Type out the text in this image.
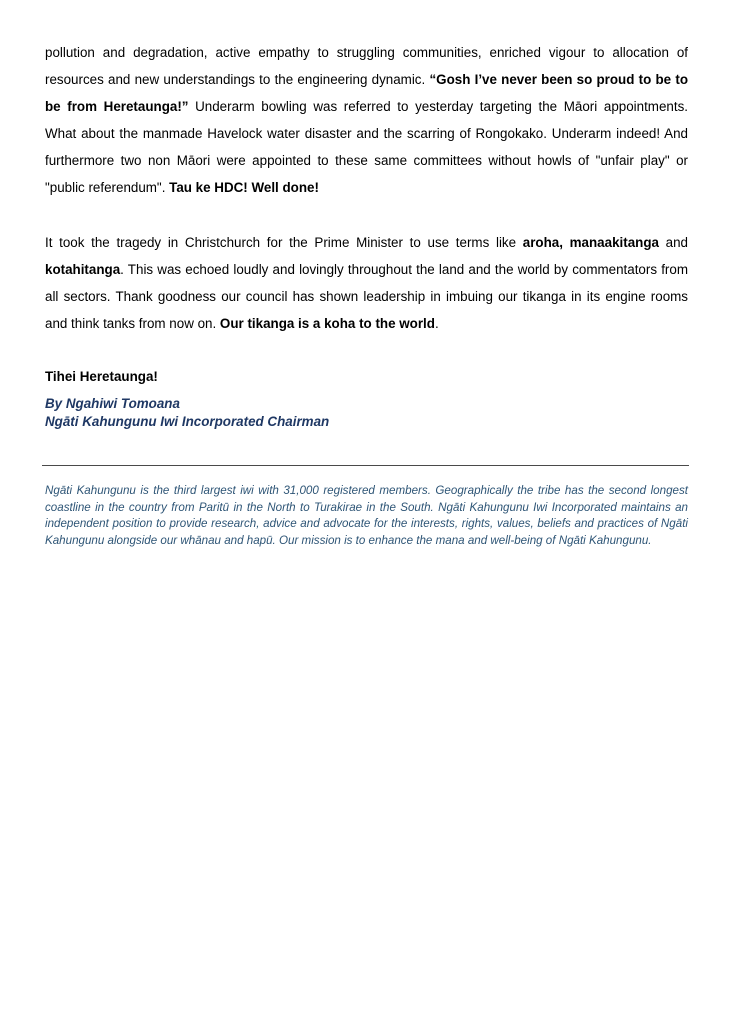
pollution and degradation, active empathy to struggling communities, enriched vigour to allocation of resources and new understandings to the engineering dynamic. “Gosh I’ve never been so proud to be to be from Heretaunga!” Underarm bowling was referred to yesterday targeting the Māori appointments. What about the manmade Havelock water disaster and the scarring of Rongokako. Underarm indeed! And furthermore two non Māori were appointed to these same committees without howls of "unfair play" or "public referendum". Tau ke HDC! Well done!

It took the tragedy in Christchurch for the Prime Minister to use terms like aroha, manaakitanga and kotahitanga. This was echoed loudly and lovingly throughout the land and the world by commentators from all sectors. Thank goodness our council has shown leadership in imbuing our tikanga in its engine rooms and think tanks from now on. Our tikanga is a koha to the world.

Tihei Heretaunga!

By Ngahiwi Tomoana

Ngāti Kahungunu Iwi Incorporated Chairman

Ngāti Kahungunu is the third largest iwi with 31,000 registered members. Geographically the tribe has the second longest coastline in the country from Paritū in the North to Turakirae in the South. Ngāti Kahungunu Iwi Incorporated maintains an independent position to provide research, advice and advocate for the interests, rights, values, beliefs and practices of Ngāti Kahungunu alongside our whānau and hapū. Our mission is to enhance the mana and well-being of Ngāti Kahungunu.
